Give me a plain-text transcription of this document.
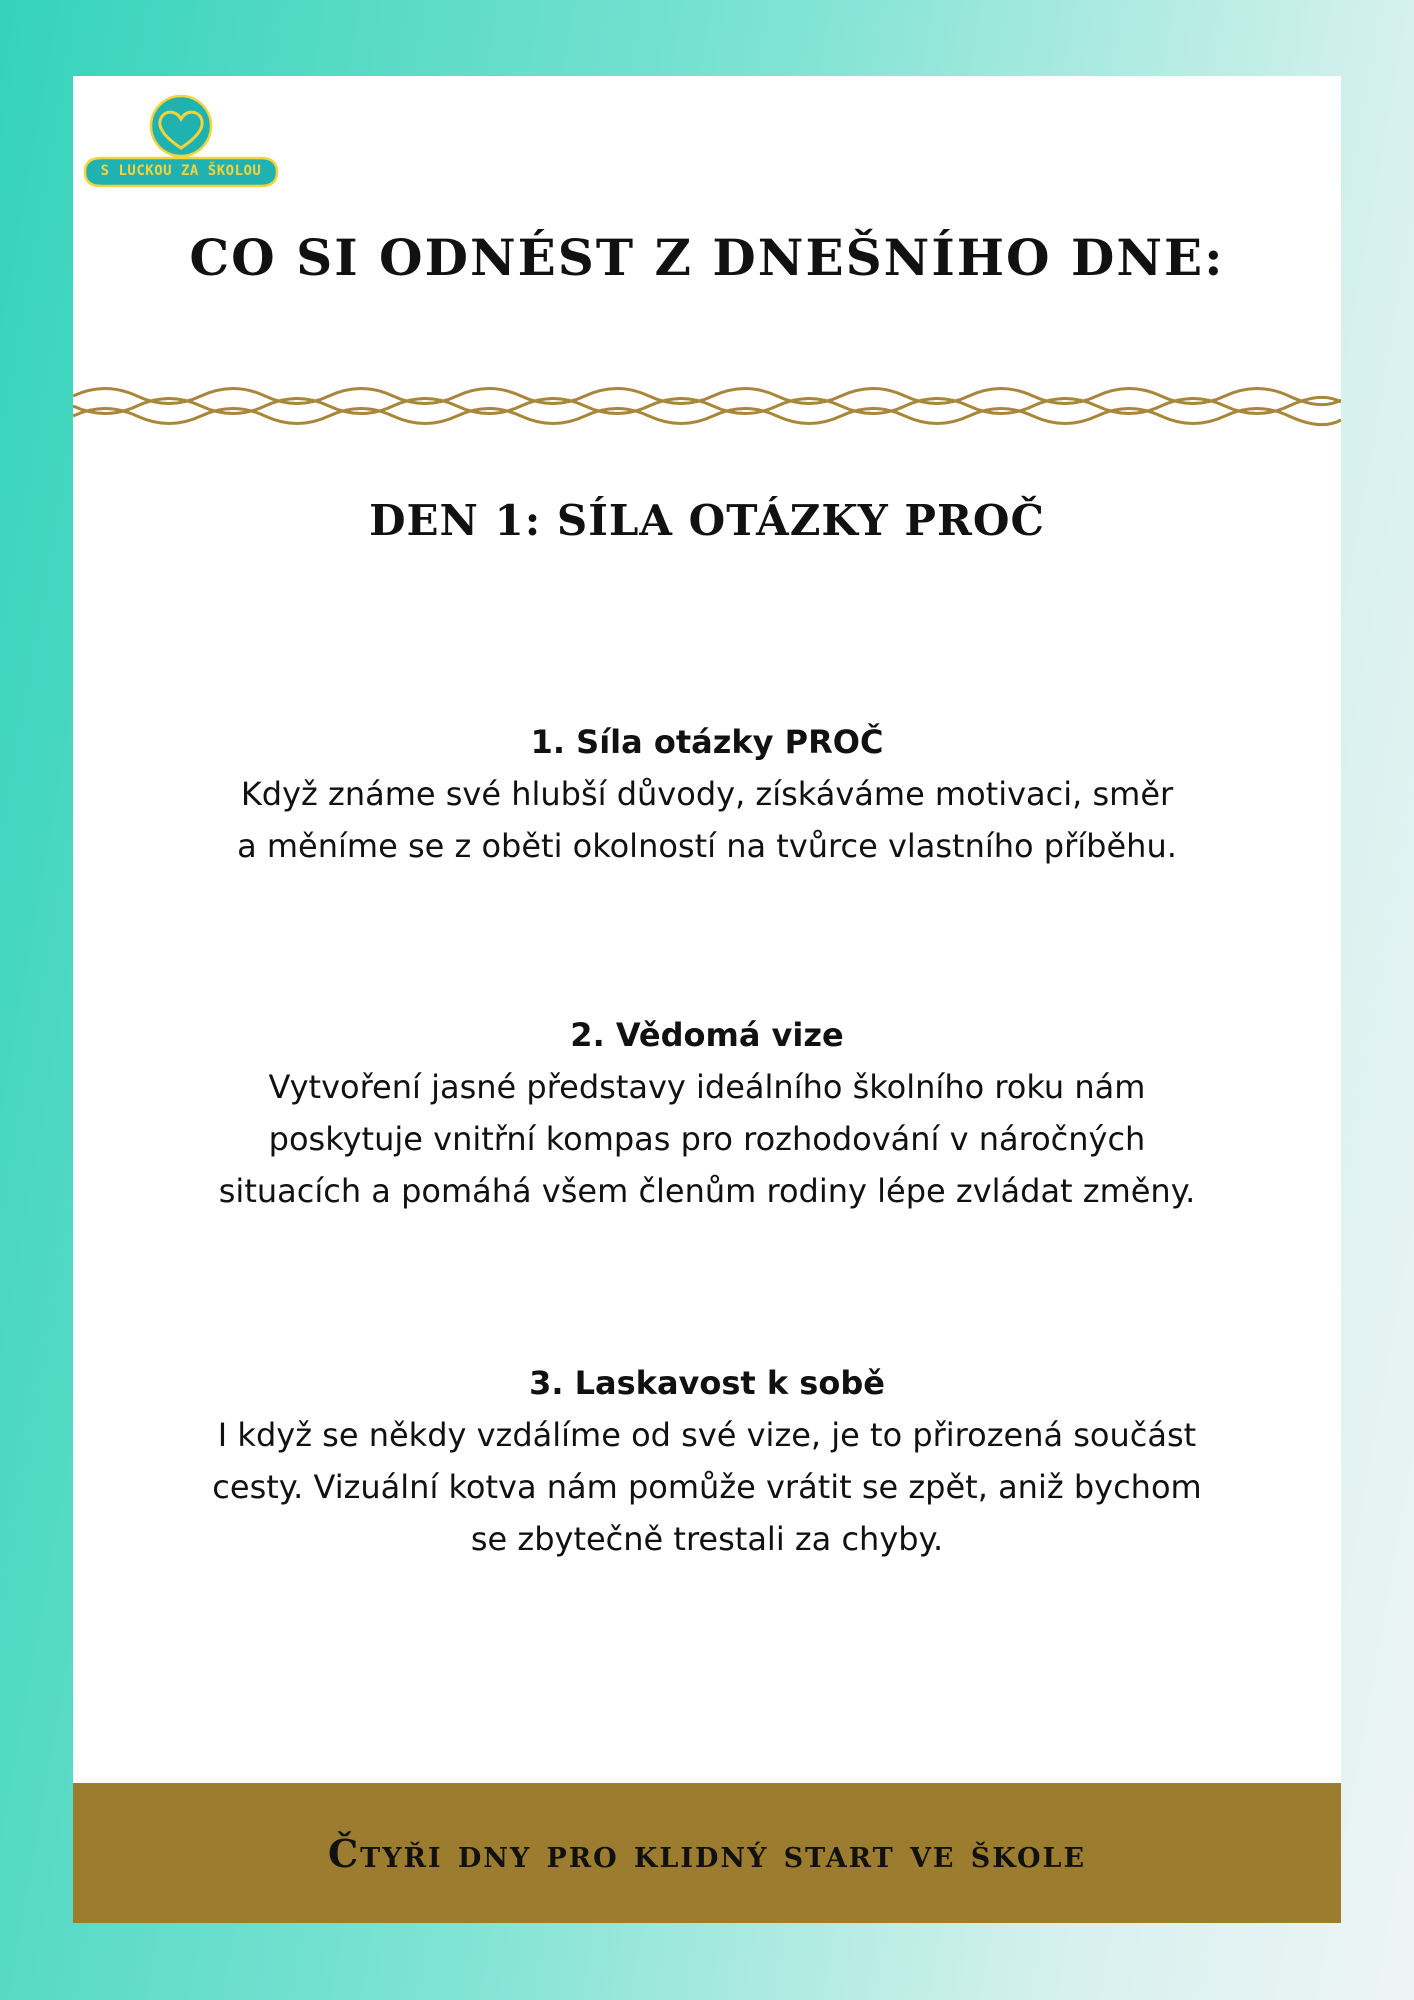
S LUCKOU ZA ŠKOLOU
CO SI ODNÉST Z DNEŠNÍHO DNE:
DEN 1: SÍLA OTÁZKY PROČ
1. Síla otázky PROČ

Když známe své hlubší důvody, získáváme motivaci, směr
a měníme se z oběti okolností na tvůrce vlastního příběhu.

2. Vědomá vize

Vytvoření jasné představy ideálního školního roku nám
poskytuje vnitřní kompas pro rozhodování v náročných
situacích a pomáhá všem členům rodiny lépe zvládat změny.

3. Laskavost k sobě

I když se někdy vzdálíme od své vize, je to přirozená součást
cesty. Vizuální kotva nám pomůže vrátit se zpět, aniž bychom
se zbytečně trestali za chyby.

Čtyři dny pro klidný start ve škole
